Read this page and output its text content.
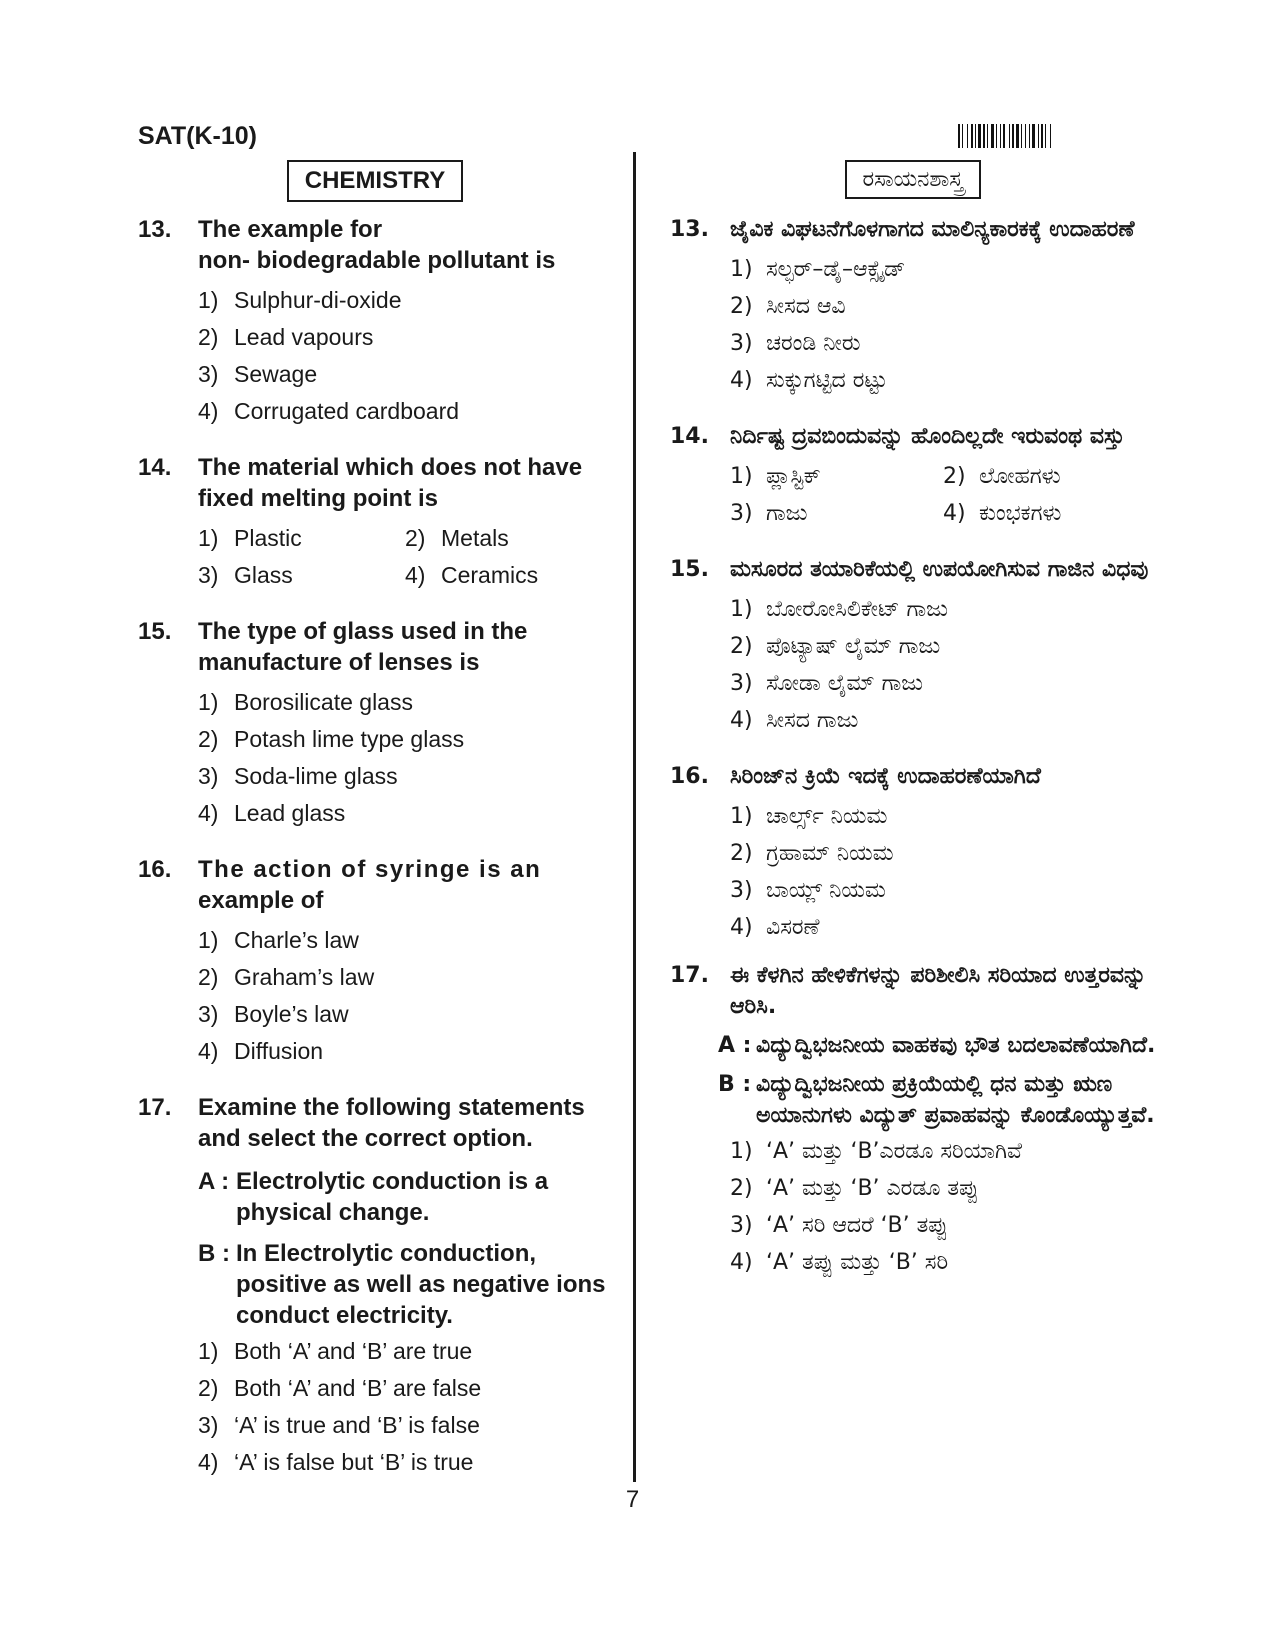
SAT(K-10)
CHEMISTRY
13.	The example for
non- biodegradable pollutant is
1) Sulphur-di-oxide
2) Lead vapours
3) Sewage
4) Corrugated cardboard
14.	The material which does not have
fixed melting point is
1) Plastic	2) Metals
3) Glass	4) Ceramics
15.	The type of glass used in the
manufacture of lenses is
1) Borosilicate glass
2) Potash lime type glass
3) Soda-lime glass
4) Lead glass
16.	The action of syringe is an
example of
1) Charle’s law
2) Graham’s law
3) Boyle’s law
4) Diffusion
17.	Examine the following statements
and select the correct option.
A : Electrolytic conduction is a physical change.
B : In Electrolytic conduction, positive as well as negative ions conduct electricity.
1) Both ‘A’ and ‘B’ are true
2) Both ‘A’ and ‘B’ are false
3) ‘A’ is true and ‘B’ is false
4) ‘A’ is false but ‘B’ is true
ರಸಾಯನಶಾಸ್ತ್ರ
13. ಜೈವಿಕ ವಿಘಟನೆಗೊಳಗಾಗದ ಮಾಲಿನ್ಯಕಾರಕಕ್ಕೆ ಉದಾಹರಣೆ
1) ಸಲ್ಫರ್–ಡೈ–ಆಕ್ಸೈಡ್
2) ಸೀಸದ ಆವಿ
3) ಚರಂಡಿ ನೀರು
4) ಸುಕ್ಕುಗಟ್ಟಿದ ರಟ್ಟು
14. ನಿರ್ದಿಷ್ಟ ದ್ರವಬಿಂದುವನ್ನು ಹೊಂದಿಲ್ಲದೇ ಇರುವಂಥ ವಸ್ತು
1) ಪ್ಲಾಸ್ಟಿಕ್	2) ಲೋಹಗಳು
3) ಗಾಜು	4) ಕುಂಭಕಗಳು
15. ಮಸೂರದ ತಯಾರಿಕೆಯಲ್ಲಿ ಉಪಯೋಗಿಸುವ ಗಾಜಿನ ವಿಧವು
1) ಬೋರೋಸಿಲಿಕೇಟ್ ಗಾಜು
2) ಪೊಟ್ಯಾಷ್ ಲೈಮ್ ಗಾಜು
3) ಸೋಡಾ ಲೈಮ್ ಗಾಜು
4) ಸೀಸದ ಗಾಜು
16. ಸಿರಿಂಜ್‌ನ ಕ್ರಿಯೆ ಇದಕ್ಕೆ ಉದಾಹರಣೆಯಾಗಿದೆ
1) ಚಾರ್ಲ್ಸ್ ನಿಯಮ
2) ಗ್ರಹಾಮ್ ನಿಯಮ
3) ಬಾಯ್ಲ್ ನಿಯಮ
4) ವಿಸರಣೆ
17. ಈ ಕೆಳಗಿನ ಹೇಳಿಕೆಗಳನ್ನು ಪರಿಶೀಲಿಸಿ ಸರಿಯಾದ ಉತ್ತರವನ್ನು ಆರಿಸಿ.
A : ವಿದ್ಯುದ್ವಿಭಜನೀಯ ವಾಹಕವು ಭೌತ ಬದಲಾವಣೆಯಾಗಿದೆ.
B : ವಿದ್ಯುದ್ವಿಭಜನೀಯ ಪ್ರಕ್ರಿಯೆಯಲ್ಲಿ ಧನ ಮತ್ತು ಋಣ ಅಯಾನುಗಳು ವಿದ್ಯುತ್ ಪ್ರವಾಹವನ್ನು ಕೊಂಡೊಯ್ಯುತ್ತವೆ.
1) ‘A’ ಮತ್ತು ‘B’ಎರಡೂ ಸರಿಯಾಗಿವೆ
2) ‘A’ ಮತ್ತು ‘B’ ಎರಡೂ ತಪ್ಪು
3) ‘A’ ಸರಿ ಆದರೆ ‘B’ ತಪ್ಪು
4) ‘A’ ತಪ್ಪು ಮತ್ತು ‘B’ ಸರಿ
7
